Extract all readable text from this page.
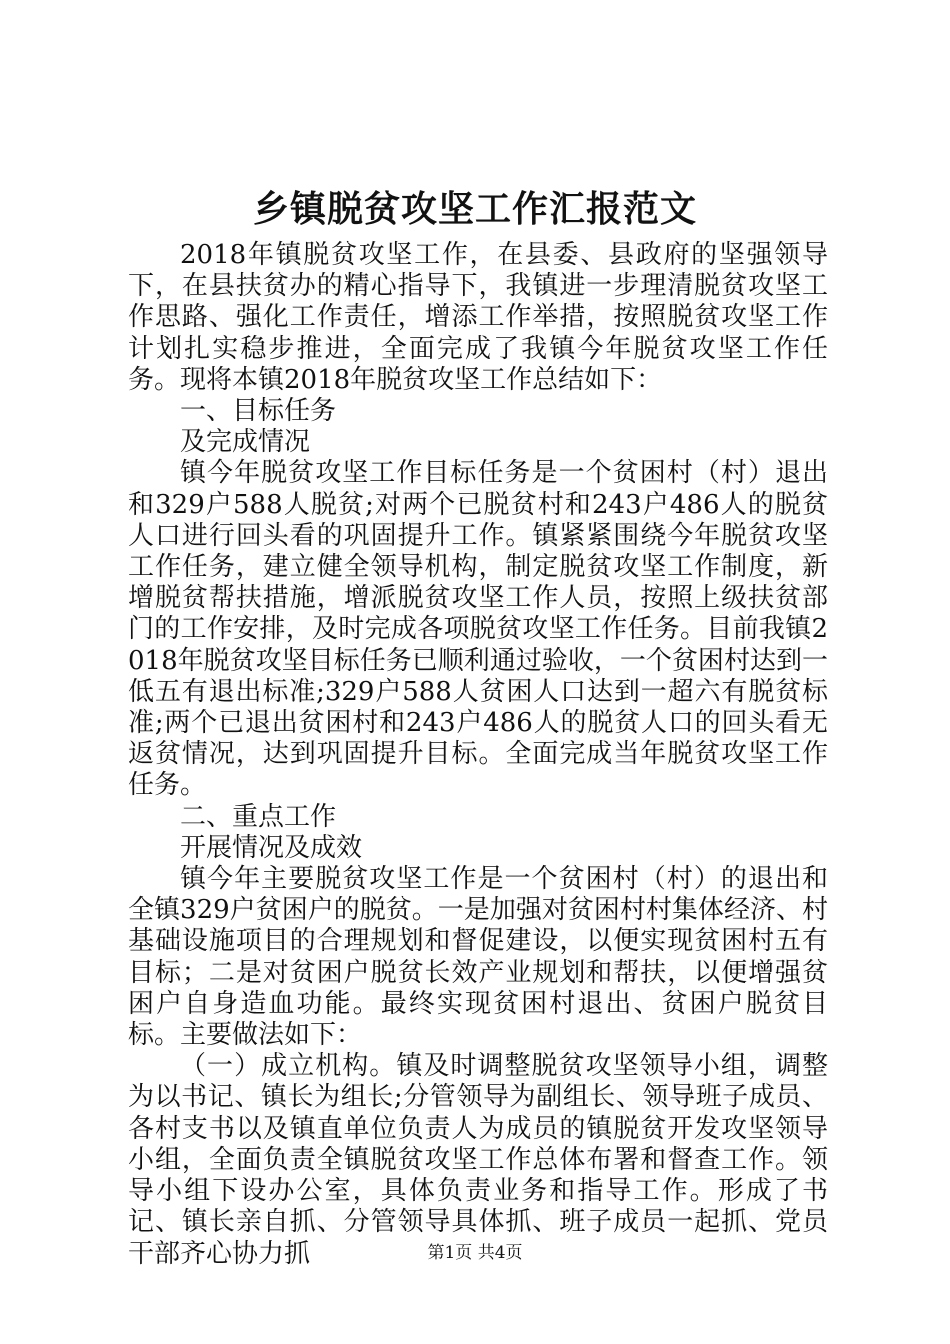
乡镇脱贫攻坚工作汇报范文

2018年镇脱贫攻坚工作，在县委、县政府的坚强领导下，在县扶贫办的精心指导下，我镇进一步理清脱贫攻坚工作思路、强化工作责任，增添工作举措，按照脱贫攻坚工作计划扎实稳步推进，全面完成了我镇今年脱贫攻坚工作任务。现将本镇2018年脱贫攻坚工作总结如下：

一、目标任务

及完成情况

镇今年脱贫攻坚工作目标任务是一个贫困村（村）退出和329户588人脱贫;对两个已脱贫村和243户486人的脱贫人口进行回头看的巩固提升工作。镇紧紧围绕今年脱贫攻坚工作任务，建立健全领导机构，制定脱贫攻坚工作制度，新增脱贫帮扶措施，增派脱贫攻坚工作人员，按照上级扶贫部门的工作安排，及时完成各项脱贫攻坚工作任务。目前我镇2018年脱贫攻坚目标任务已顺利通过验收，一个贫困村达到一低五有退出标准;329户588人贫困人口达到一超六有脱贫标准;两个已退出贫困村和243户486人的脱贫人口的回头看无返贫情况，达到巩固提升目标。全面完成当年脱贫攻坚工作任务。

二、重点工作

开展情况及成效

镇今年主要脱贫攻坚工作是一个贫困村（村）的退出和全镇329户贫困户的脱贫。一是加强对贫困村村集体经济、村基础设施项目的合理规划和督促建设，以便实现贫困村五有目标；二是对贫困户脱贫长效产业规划和帮扶，以便增强贫困户自身造血功能。最终实现贫困村退出、贫困户脱贫目标。主要做法如下：

（一）成立机构。镇及时调整脱贫攻坚领导小组，调整为以书记、镇长为组长;分管领导为副组长、领导班子成员、各村支书以及镇直单位负责人为成员的镇脱贫开发攻坚领导小组，全面负责全镇脱贫攻坚工作总体布署和督查工作。领导小组下设办公室，具体负责业务和指导工作。形成了书记、镇长亲自抓、分管领导具体抓、班子成员一起抓、党员干部齐心协力抓	第1页 共4页
